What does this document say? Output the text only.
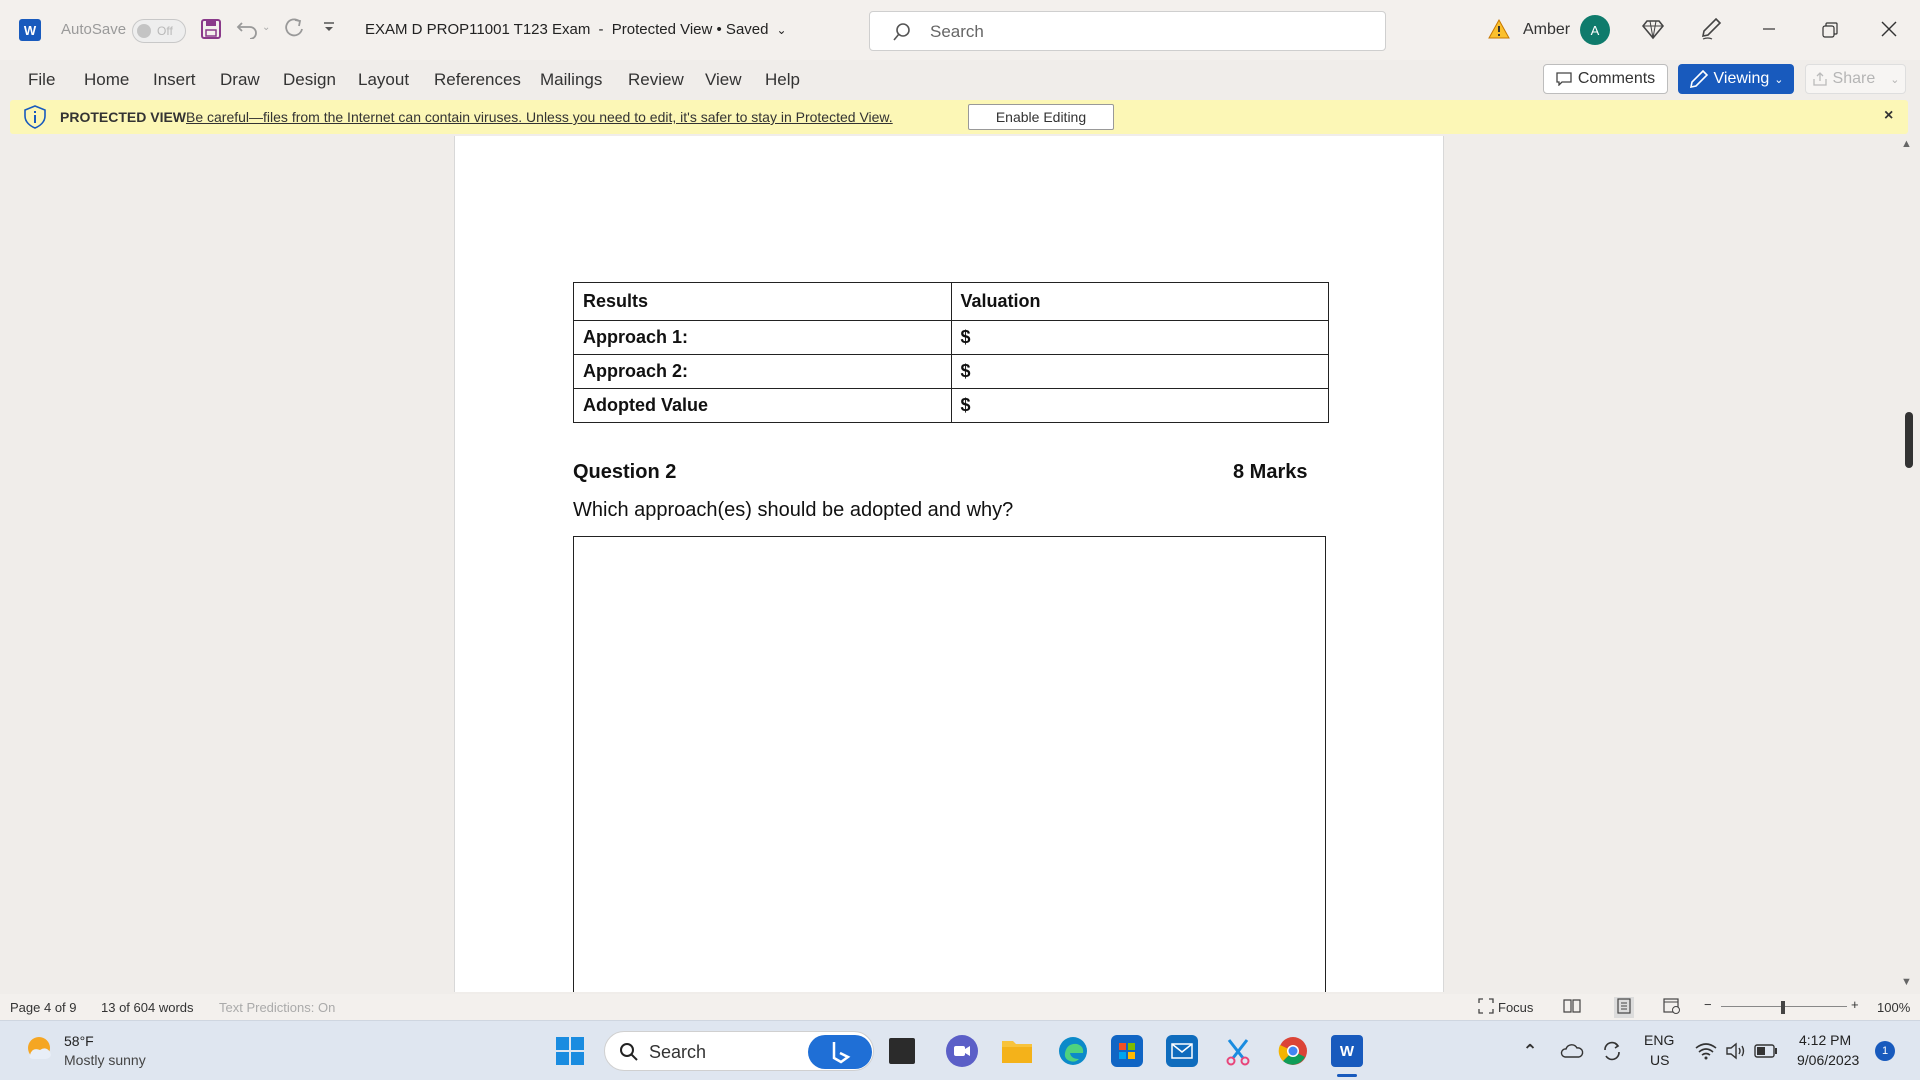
W	AutoSave	Off	⌄	EXAM D PROP11001 T123 Exam - Protected View • Saved ⌄	Search	Amber	A
File Home Insert Draw Design Layout References Mailings Review View Help	Comments	Viewing ⌄	Share ⌄
PROTECTED VIEW Be careful—files from the Internet can contain viruses. Unless you need to edit, it's safer to stay in Protected View.	Enable Editing	×
Results	Valuation
Approach 1:	$
Approach 2:	$
Adopted Value	$
Question 2	8 Marks
Which approach(es) should be adopted and why?
▲
▼
Page 4 of 9 13 of 604 words Text Predictions: On	Focus	−	+ 100%
58°F
Mostly sunny	Search	W	⌃
ENG
US
4:12 PM
9/06/2023
1
